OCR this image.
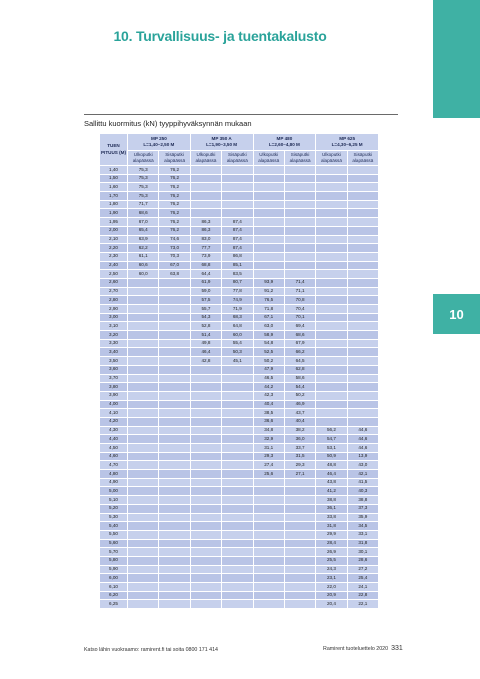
10. Turvallisuus- ja tuentakalusto
10
Sallittu kuormitus (kN) tyyppihyväksynnän mukaan
TUEN PITUUS (M)	MP 250
L=1,40–2,50 M		MP 350 A
L=1,90–3,50 M		MP 480
L=2,60–4,80 M		MP 625
L=4,30–6,25 M	
	Ulkoputki alapäässä	Sisäputki alapäässä	Ulkoputki alapäässä	Sisäputki alapäässä	Ulkoputki alapäässä	Sisäputki alapäässä	Ulkoputki alapäässä	Sisäputki alapäässä
1,40	75,3	76,2						
1,50	75,3	76,2						
1,60	75,3	76,2						
1,70	75,3	76,2						
1,80	71,7	76,2						
1,90	68,6	76,2						
1,95	67,0	76,2	86,3	87,4				
2,00	65,4	76,2	86,3	87,4				
2,10	63,9	74,6	83,0	87,4				
2,20	62,2	73,0	77,7	87,4				
2,30	61,1	70,3	73,9	86,8				
2,40	60,6	67,0	68,8	85,1				
2,50	60,0	63,8	64,4	83,5				
2,60			61,9	80,7	93,9	71,4		
2,70			59,0	77,8	91,2	71,1		
2,80			57,5	74,9	76,5	70,8		
2,90			55,7	71,9	71,8	70,4		
3,00			54,3	68,3	67,1	70,1		
3,10			52,8	64,8	63,0	69,4		
3,20			51,4	60,0	58,9	68,6		
3,30			49,8	55,4	54,8	67,9		
3,40			46,4	50,3	52,5	66,2		
3,50			42,8	45,1	50,2	64,5		
3,60					47,9	62,8		
3,70					46,5	58,6		
3,80					44,2	54,4		
3,90					42,3	50,2		
4,00					40,4	46,9		
4,10					38,5	43,7		
4,20					36,6	40,4		
4,30					34,8	38,2	56,2	44,6
4,40					32,9	36,0	54,7	44,6
4,50					31,1	33,7	53,1	44,6
4,60					29,3	31,5	50,9	13,9
4,70					27,4	29,3	48,8	43,0
4,80					25,6	27,1	46,4	42,1
4,90							43,8	41,5
5,00							41,2	40,3
5,10							38,8	38,8
5,20							36,1	37,3
5,30							33,8	35,9
5,40							31,8	34,5
5,50							29,9	33,1
5,60							28,4	31,8
5,70							26,9	30,1
5,80							25,5	28,6
5,90							24,3	27,2
6,00							23,1	25,4
6,10							22,0	24,1
6,20							20,9	22,8
6,25							20,4	22,1
Katso lähin vuokraamo: ramirent.fi tai soita 0800 171 414	Ramirent tuoteluettelo 2020 331
